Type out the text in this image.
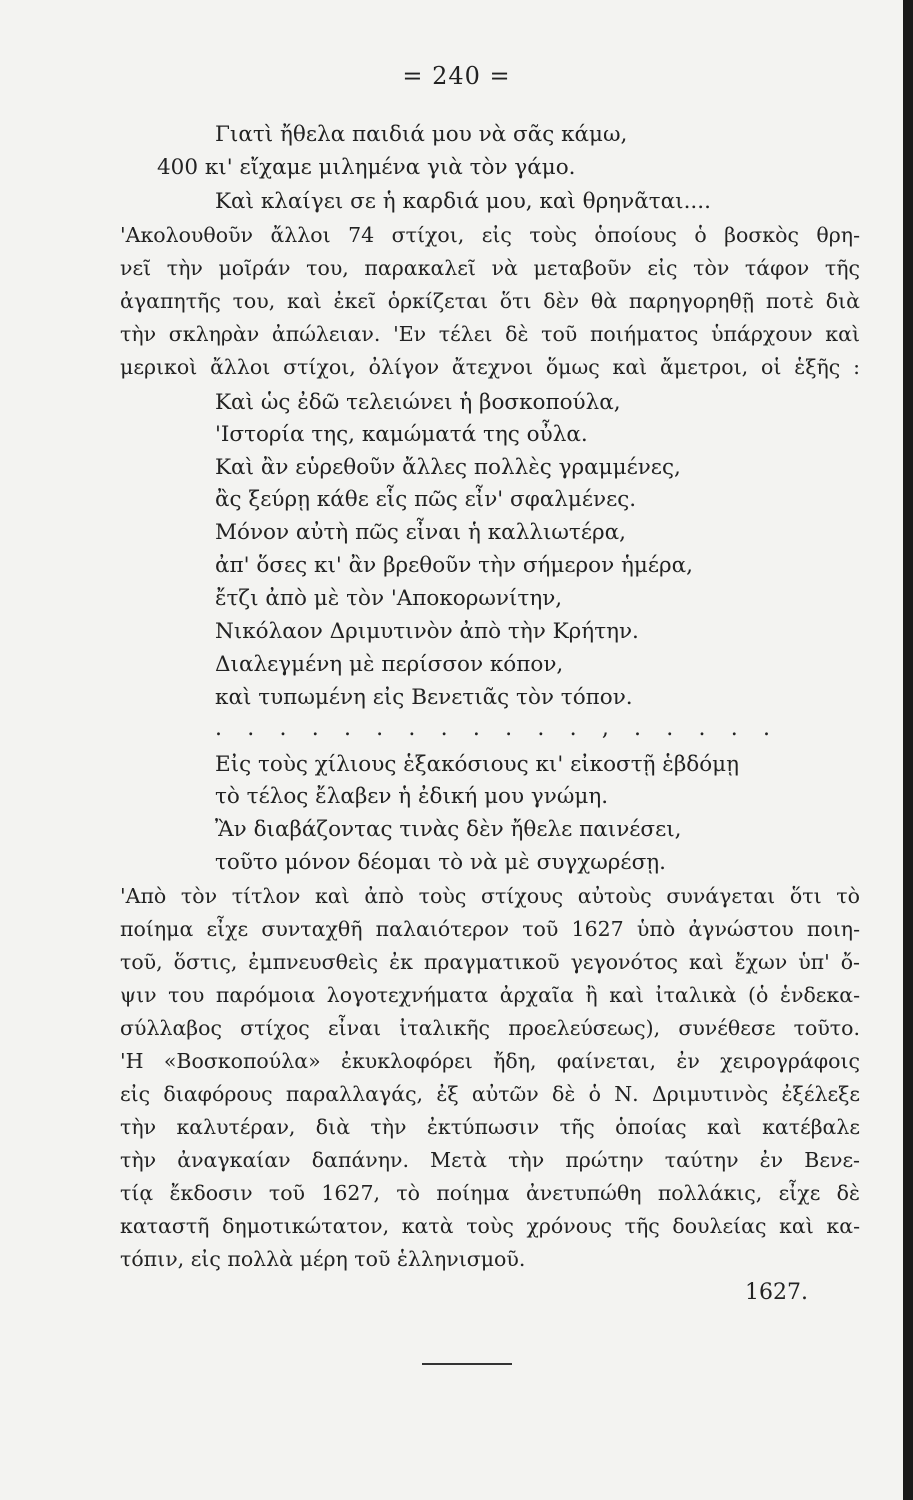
= 240 =
Γιατὶ ἤθελα παιδιά μου νὰ σᾶς κάμω,
400 κι' εἴχαμε μιλημένα γιὰ τὸν γάμο.
Καὶ κλαίγει σε ἡ καρδιά μου, καὶ θρηνᾶται....
'Ακολουθοῦν ἄλλοι 74 στίχοι, εἰς τοὺς ὁποίους ὁ βοσκὸς θρη-
νεῖ τὴν μοῖράν του, παρακαλεῖ νὰ μεταβοῦν εἰς τὸν τάφον τῆς
ἀγαπητῆς του, καὶ ἐκεῖ ὁρκίζεται ὅτι δὲν θὰ παρηγορηθῇ ποτὲ διὰ
τὴν σκληρὰν ἀπώλειαν. 'Εν τέλει δὲ τοῦ ποιήματος ὑπάρχουν καὶ
μερικοὶ ἄλλοι στίχοι, ὀλίγον ἄτεχνοι ὅμως καὶ ἄμετροι, οἱ ἑξῆς :
Καὶ ὡς ἐδῶ τελειώνει ἡ βοσκοπούλα,
'Ιστορία της, καμώματά της οὖλα.
Καὶ ἂν εὑρεθοῦν ἄλλες πολλὲς γραμμένες,
ἂς ξεύρῃ κάθε εἷς πῶς εἶν' σφαλμένες.
Μόνον αὐτὴ πῶς εἶναι ἡ καλλιωτέρα,
ἀπ' ὅσες κι' ἂν βρεθοῦν τὴν σήμερον ἡμέρα,
ἔτζι ἀπὸ μὲ τὸν 'Αποκορωνίτην,
Νικόλαον Δριμυτινὸν ἀπὸ τὴν Κρήτην.
Διαλεγμένη μὲ περίσσον κόπον,
καὶ τυπωμένη εἰς Βενετιᾶς τὸν τόπον.
. . . . . . . . . . . . , . . . . .
Εἰς τοὺς χίλιους ἑξακόσιους κι' εἰκοστῇ ἑβδόμῃ
τὸ τέλος ἔλαβεν ἡ ἐδική μου γνώμη.
Ἂν διαβάζοντας τινὰς δὲν ἤθελε παινέσει,
τοῦτο μόνον δέομαι τὸ νὰ μὲ συγχωρέσῃ.
'Απὸ τὸν τίτλον καὶ ἀπὸ τοὺς στίχους αὐτοὺς συνάγεται ὅτι τὸ
ποίημα εἶχε συνταχθῆ παλαιότερον τοῦ 1627 ὑπὸ ἀγνώστου ποιη-
τοῦ, ὅστις, ἐμπνευσθεὶς ἐκ πραγματικοῦ γεγονότος καὶ ἔχων ὑπ' ὄ-
ψιν του παρόμοια λογοτεχνήματα ἀρχαῖα ἢ καὶ ἰταλικὰ (ὁ ἑνδεκα-
σύλλαβος στίχος εἶναι ἰταλικῆς προελεύσεως), συνέθεσε τοῦτο.
'Η «Βοσκοπούλα» ἐκυκλοφόρει ἤδη, φαίνεται, ἐν χειρογράφοις
εἰς διαφόρους παραλλαγάς, ἐξ αὐτῶν δὲ ὁ Ν. Δριμυτινὸς ἐξέλεξε
τὴν καλυτέραν, διὰ τὴν ἐκτύπωσιν τῆς ὁποίας καὶ κατέβαλε
τὴν ἀναγκαίαν δαπάνην. Μετὰ τὴν πρώτην ταύτην ἐν Βενε-
τίᾳ ἔκδοσιν τοῦ 1627, τὸ ποίημα ἀνετυπώθη πολλάκις, εἶχε δὲ
καταστῆ δημοτικώτατον, κατὰ τοὺς χρόνους τῆς δουλείας καὶ κα-
τόπιν, εἰς πολλὰ μέρη τοῦ ἑλληνισμοῦ.
1627.
